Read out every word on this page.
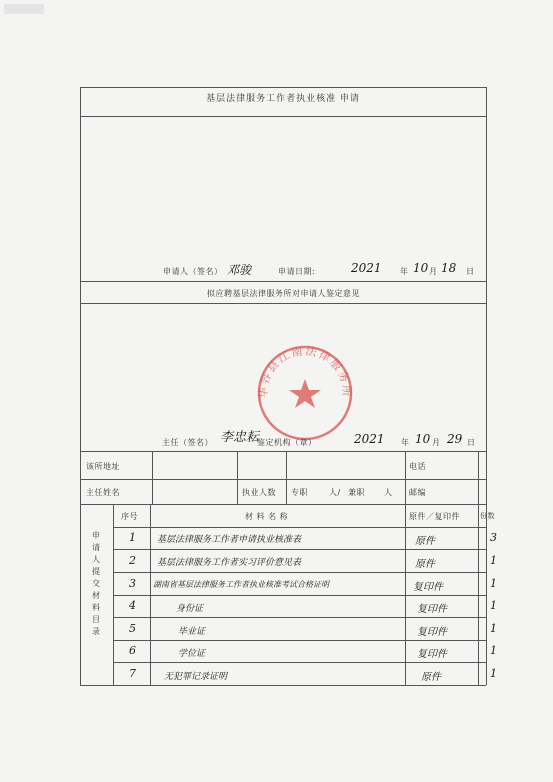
基层法律服务工作者执业核准 申请
申请人（签名） 邓骏	申请日期:	2021 年 10 月 18 日
拟应聘基层法律服务所对申请人鉴定意见
华容县江南法律服务所
主任（签名） 李忠耘
鉴定机构（章）	2021 年 10 月 29 日
该所地址	电话
主任姓名	执业人数 专职	人/ 兼职 人 邮编
申
请
人
提
交
材
料
目
录
序号	材 料 名 称	原件／复印件	份数
1 基层法律服务工作者申请执业核准表	原件	3
2 基层法律服务工作者实习评价意见表	原件	1
3 湖南省基层法律服务工作者执业核准考试合格证明	复印件	1
4	身份证	复印件	1
5	毕业证	复印件	1
6	学位证	复印件	1
7	无犯罪记录证明	原件	1
